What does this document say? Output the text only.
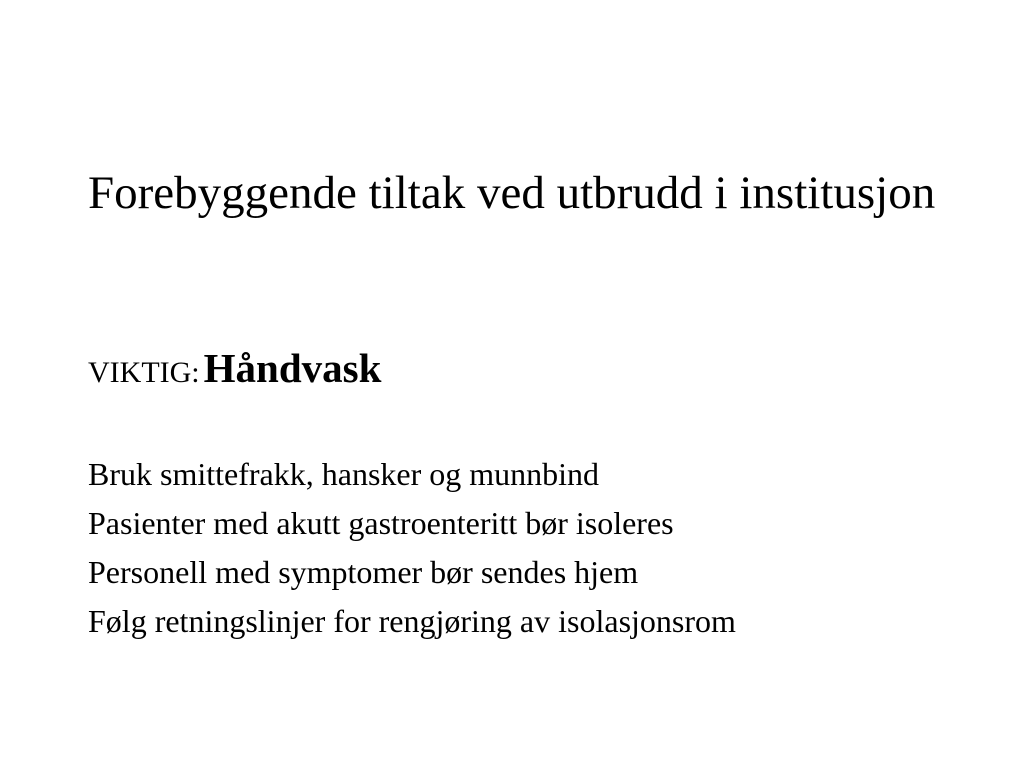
Forebyggende tiltak ved utbrudd i institusjon

VIKTIG: Håndvask

Bruk smittefrakk, hansker og munnbind
Pasienter med akutt gastroenteritt bør isoleres
Personell med symptomer bør sendes hjem
Følg retningslinjer for rengjøring av isolasjonsrom
